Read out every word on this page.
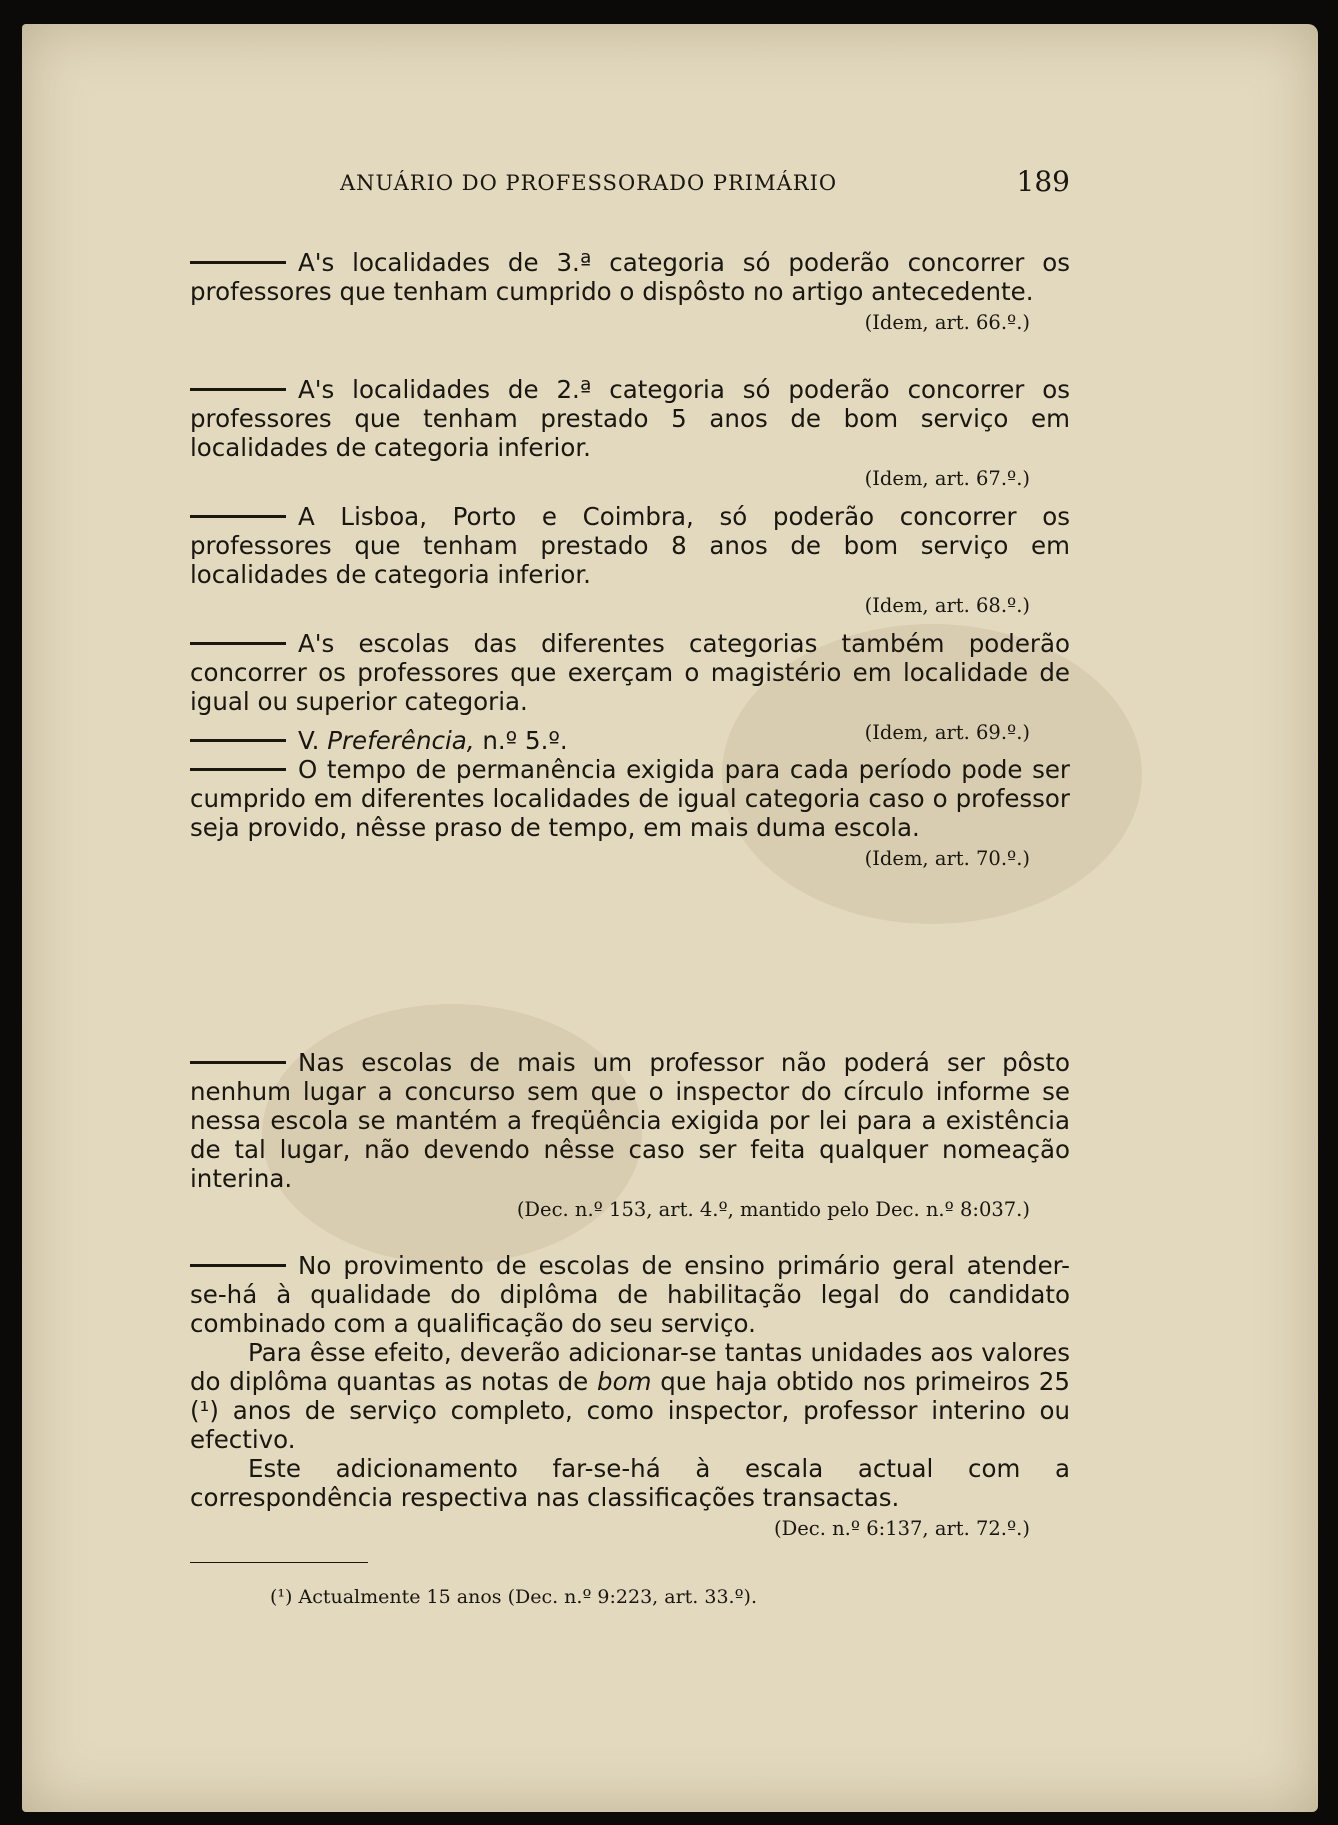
ANUÁRIO DO PROFESSORADO PRIMÁRIO	189

A's localidades de 3.ª categoria só poderão concorrer os professores que tenham cumprido o dispôsto no artigo antecedente.

(Idem, art. 66.º.)

A's localidades de 2.ª categoria só poderão concorrer os professores que tenham prestado 5 anos de bom serviço em localidades de categoria inferior.

(Idem, art. 67.º.)

A Lisboa, Porto e Coimbra, só poderão concorrer os professores que tenham prestado 8 anos de bom serviço em localidades de categoria inferior.

(Idem, art. 68.º.)

A's escolas das diferentes categorias também poderão concorrer os professores que exerçam o magistério em localidade de igual ou superior categoria.

(Idem, art. 69.º.)

V. Preferência, n.º 5.º.

O tempo de permanência exigida para cada período pode ser cumprido em diferentes localidades de igual categoria caso o professor seja provido, nêsse praso de tempo, em mais duma escola.

(Idem, art. 70.º.)

Nas escolas de mais um professor não poderá ser pôsto nenhum lugar a concurso sem que o inspector do círculo informe se nessa escola se mantém a freqüência exigida por lei para a existência de tal lugar, não devendo nêsse caso ser feita qualquer nomeação interina.

(Dec. n.º 153, art. 4.º, mantido pelo Dec. n.º 8:037.)

No provimento de escolas de ensino primário geral atender-se-há à qualidade do diplôma de habilitação legal do candidato combinado com a qualificação do seu serviço.

Para êsse efeito, deverão adicionar-se tantas unidades aos valores do diplôma quantas as notas de bom que haja obtido nos primeiros 25 (¹) anos de serviço completo, como inspector, professor interino ou efectivo.

Este adicionamento far-se-há à escala actual com a correspondência respectiva nas classificações transactas.

(Dec. n.º 6:137, art. 72.º.)
(¹) Actualmente 15 anos (Dec. n.º 9:223, art. 33.º).
